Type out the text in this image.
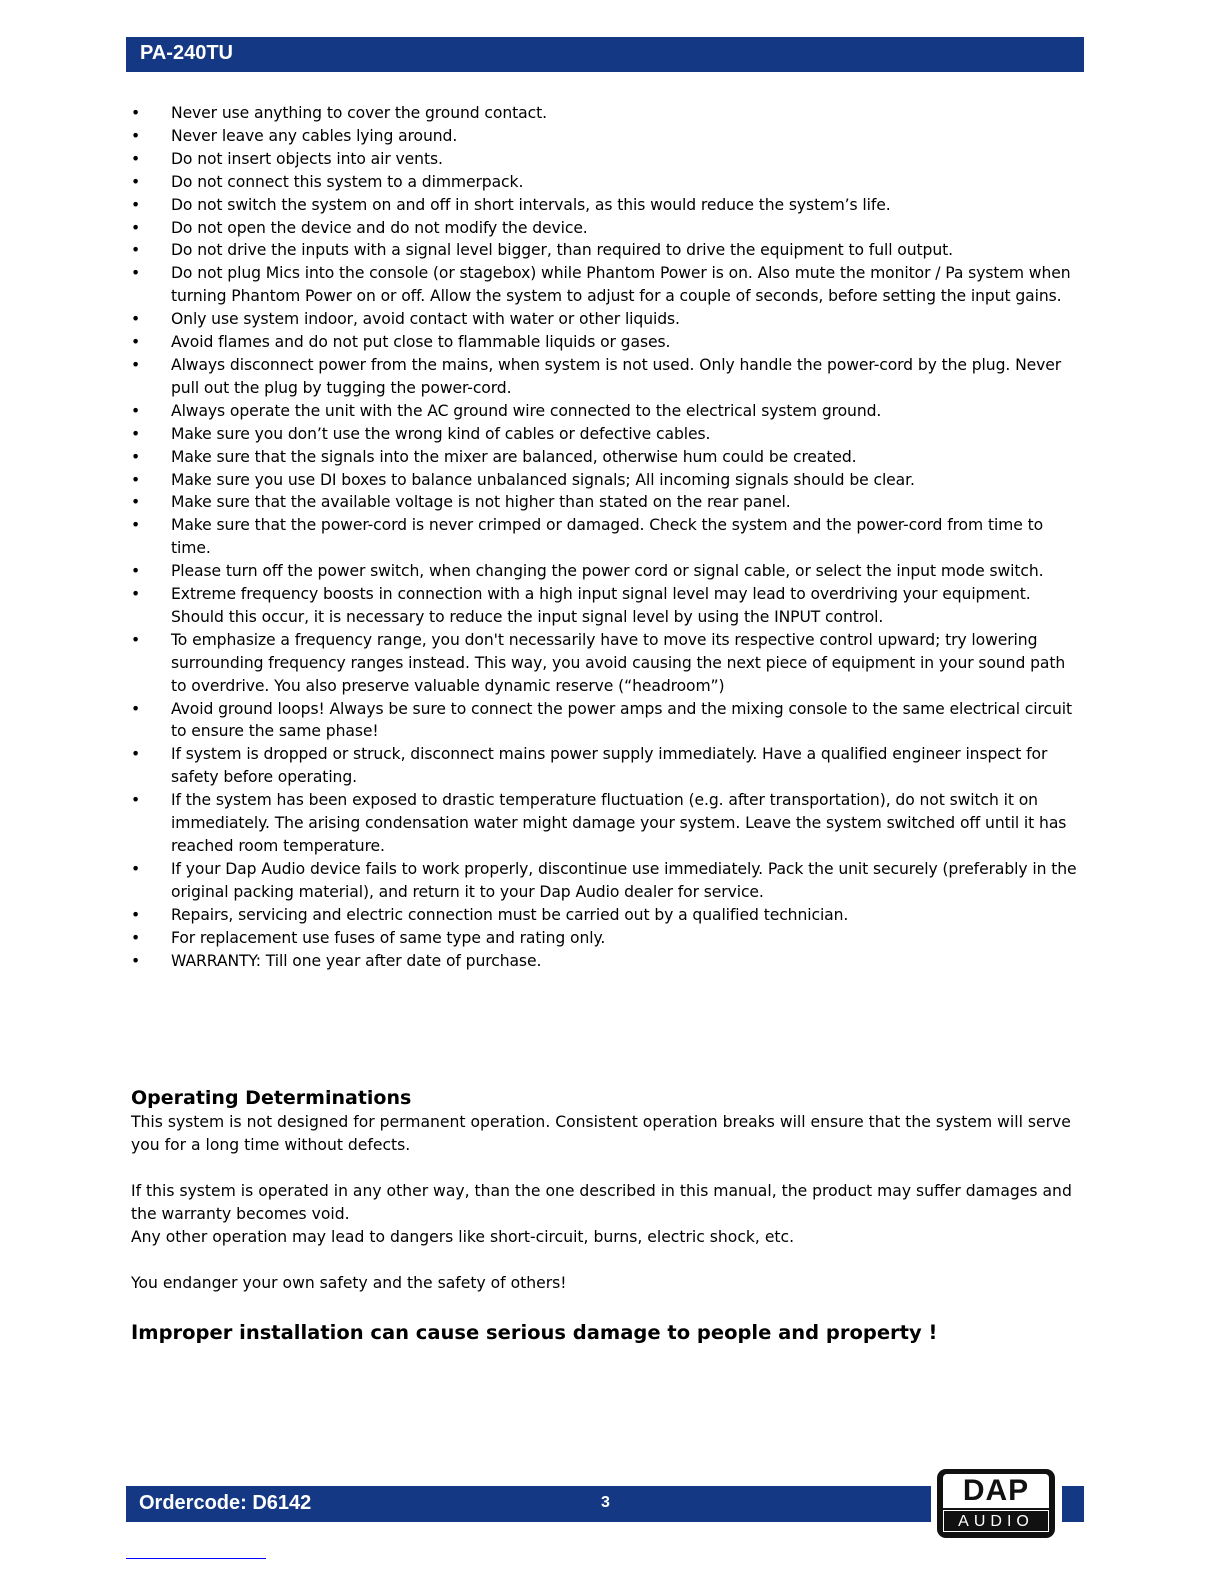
PA-240TU
• Never use anything to cover the ground contact.
• Never leave any cables lying around.
• Do not insert objects into air vents.
• Do not connect this system to a dimmerpack.
• Do not switch the system on and off in short intervals, as this would reduce the system’s life.
• Do not open the device and do not modify the device.
• Do not drive the inputs with a signal level bigger, than required to drive the equipment to full output.
• Do not plug Mics into the console (or stagebox) while Phantom Power is on. Also mute the monitor / Pa system when turning Phantom Power on or off. Allow the system to adjust for a couple of seconds, before setting the input gains.
• Only use system indoor, avoid contact with water or other liquids.
• Avoid flames and do not put close to flammable liquids or gases.
• Always disconnect power from the mains, when system is not used. Only handle the power-cord by the plug. Never pull out the plug by tugging the power-cord.
• Always operate the unit with the AC ground wire connected to the electrical system ground.
• Make sure you don’t use the wrong kind of cables or defective cables.
• Make sure that the signals into the mixer are balanced, otherwise hum could be created.
• Make sure you use DI boxes to balance unbalanced signals; All incoming signals should be clear.
• Make sure that the available voltage is not higher than stated on the rear panel.
• Make sure that the power-cord is never crimped or damaged. Check the system and the power-cord from time to time.
• Please turn off the power switch, when changing the power cord or signal cable, or select the input mode switch.
• Extreme frequency boosts in connection with a high input signal level may lead to overdriving your equipment. Should this occur, it is necessary to reduce the input signal level by using the INPUT control.
• To emphasize a frequency range, you don't necessarily have to move its respective control upward; try lowering surrounding frequency ranges instead. This way, you avoid causing the next piece of equipment in your sound path to overdrive. You also preserve valuable dynamic reserve (“headroom”)
• Avoid ground loops! Always be sure to connect the power amps and the mixing console to the same electrical circuit to ensure the same phase!
• If system is dropped or struck, disconnect mains power supply immediately. Have a qualified engineer inspect for safety before operating.
• If the system has been exposed to drastic temperature fluctuation (e.g. after transportation), do not switch it on immediately. The arising condensation water might damage your system. Leave the system switched off until it has reached room temperature.
• If your Dap Audio device fails to work properly, discontinue use immediately. Pack the unit securely (preferably in the original packing material), and return it to your Dap Audio dealer for service.
• Repairs, servicing and electric connection must be carried out by a qualified technician.
• For replacement use fuses of same type and rating only.
• WARRANTY: Till one year after date of purchase.
Operating Determinations

This system is not designed for permanent operation. Consistent operation breaks will ensure that the system will serve you for a long time without defects.

If this system is operated in any other way, than the one described in this manual, the product may suffer damages and the warranty becomes void.

Any other operation may lead to dangers like short-circuit, burns, electric shock, etc.

You endanger your own safety and the safety of others!

Improper installation can cause serious damage to people and property !

Ordercode: D6142	3	DAP
AUDIO
